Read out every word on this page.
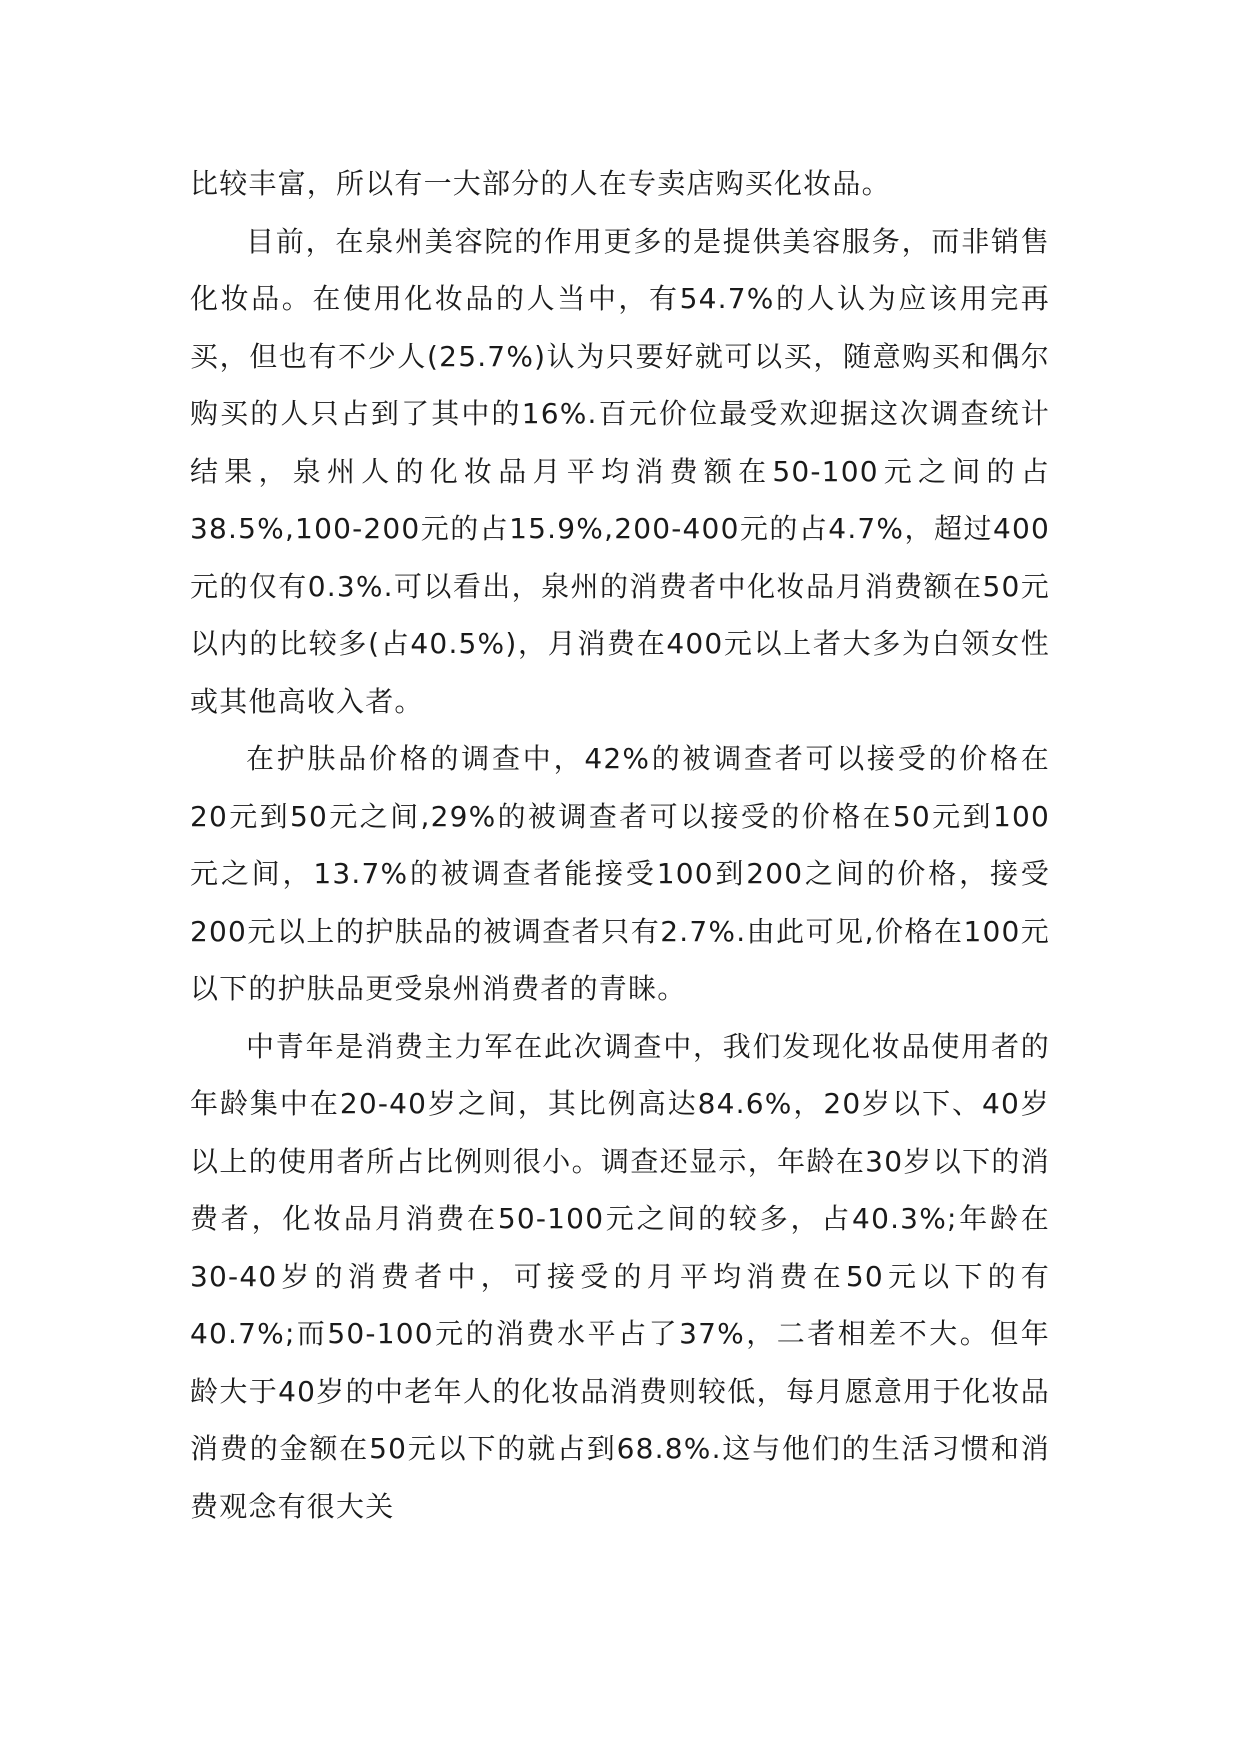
比较丰富，所以有一大部分的人在专卖店购买化妆品。

目前，在泉州美容院的作用更多的是提供美容服务，而非销售化妆品。在使用化妆品的人当中，有54.7%的人认为应该用完再买，但也有不少人(25.7%)认为只要好就可以买，随意购买和偶尔购买的人只占到了其中的16%.百元价位最受欢迎据这次调查统计结果，泉州人的化妆品月平均消费额在50-100元之间的占38.5%,100-200元的占15.9%,200-400元的占4.7%，超过400元的仅有0.3%.可以看出，泉州的消费者中化妆品月消费额在50元以内的比较多(占40.5%)，月消费在400元以上者大多为白领女性或其他高收入者。

在护肤品价格的调查中，42%的被调查者可以接受的价格在20元到50元之间,29%的被调查者可以接受的价格在50元到100元之间，13.7%的被调查者能接受100到200之间的价格，接受200元以上的护肤品的被调查者只有2.7%.由此可见,价格在100元以下的护肤品更受泉州消费者的青睐。

中青年是消费主力军在此次调查中，我们发现化妆品使用者的年龄集中在20-40岁之间，其比例高达84.6%，20岁以下、40岁以上的使用者所占比例则很小。调查还显示，年龄在30岁以下的消费者，化妆品月消费在50-100元之间的较多，占40.3%;年龄在30-40岁的消费者中，可接受的月平均消费在50元以下的有40.7%;而50-100元的消费水平占了37%，二者相差不大。但年龄大于40岁的中老年人的化妆品消费则较低，每月愿意用于化妆品消费的金额在50元以下的就占到68.8%.这与他们的生活习惯和消费观念有很大关
